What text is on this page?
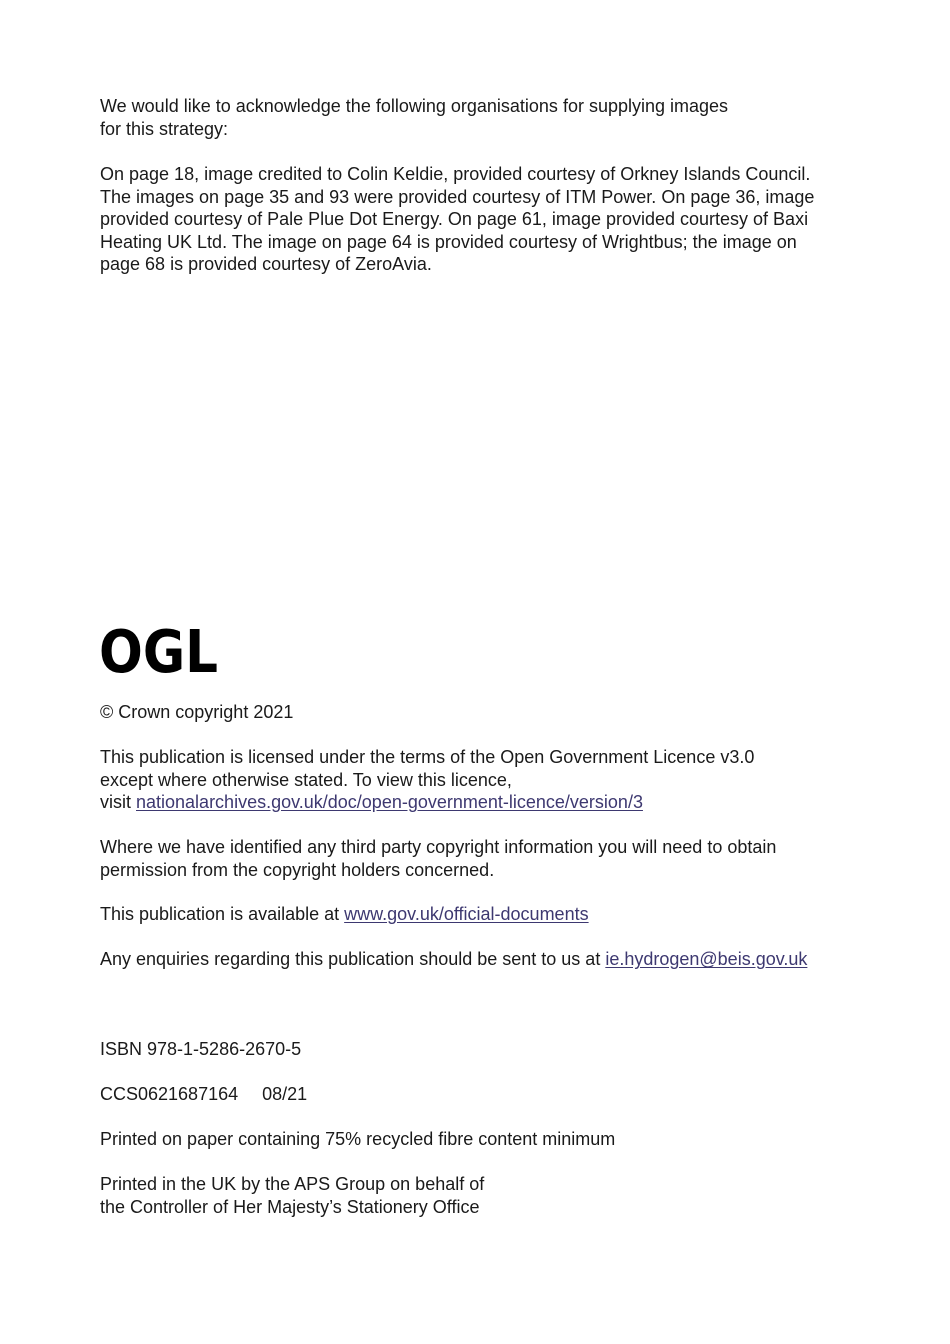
We would like to acknowledge the following organisations for supplying images
for this strategy:
On page 18, image credited to Colin Keldie, provided courtesy of Orkney Islands Council.
The images on page 35 and 93 were provided courtesy of ITM Power. On page 36, image
provided courtesy of Pale Plue Dot Energy. On page 61, image provided courtesy of Baxi
Heating UK Ltd. The image on page 64 is provided courtesy of Wrightbus; the image on
page 68 is provided courtesy of ZeroAvia.
OGL
© Crown copyright 2021
This publication is licensed under the terms of the Open Government Licence v3.0
except where otherwise stated. To view this licence,
visit nationalarchives.gov.uk/doc/open-government-licence/version/3
Where we have identified any third party copyright information you will need to obtain
permission from the copyright holders concerned.
This publication is available at www.gov.uk/official-documents
Any enquiries regarding this publication should be sent to us at ie.hydrogen@beis.gov.uk
ISBN 978-1-5286-2670-5
CCS0621687164 08/21
Printed on paper containing 75% recycled fibre content minimum
Printed in the UK by the APS Group on behalf of
the Controller of Her Majesty’s Stationery Office
